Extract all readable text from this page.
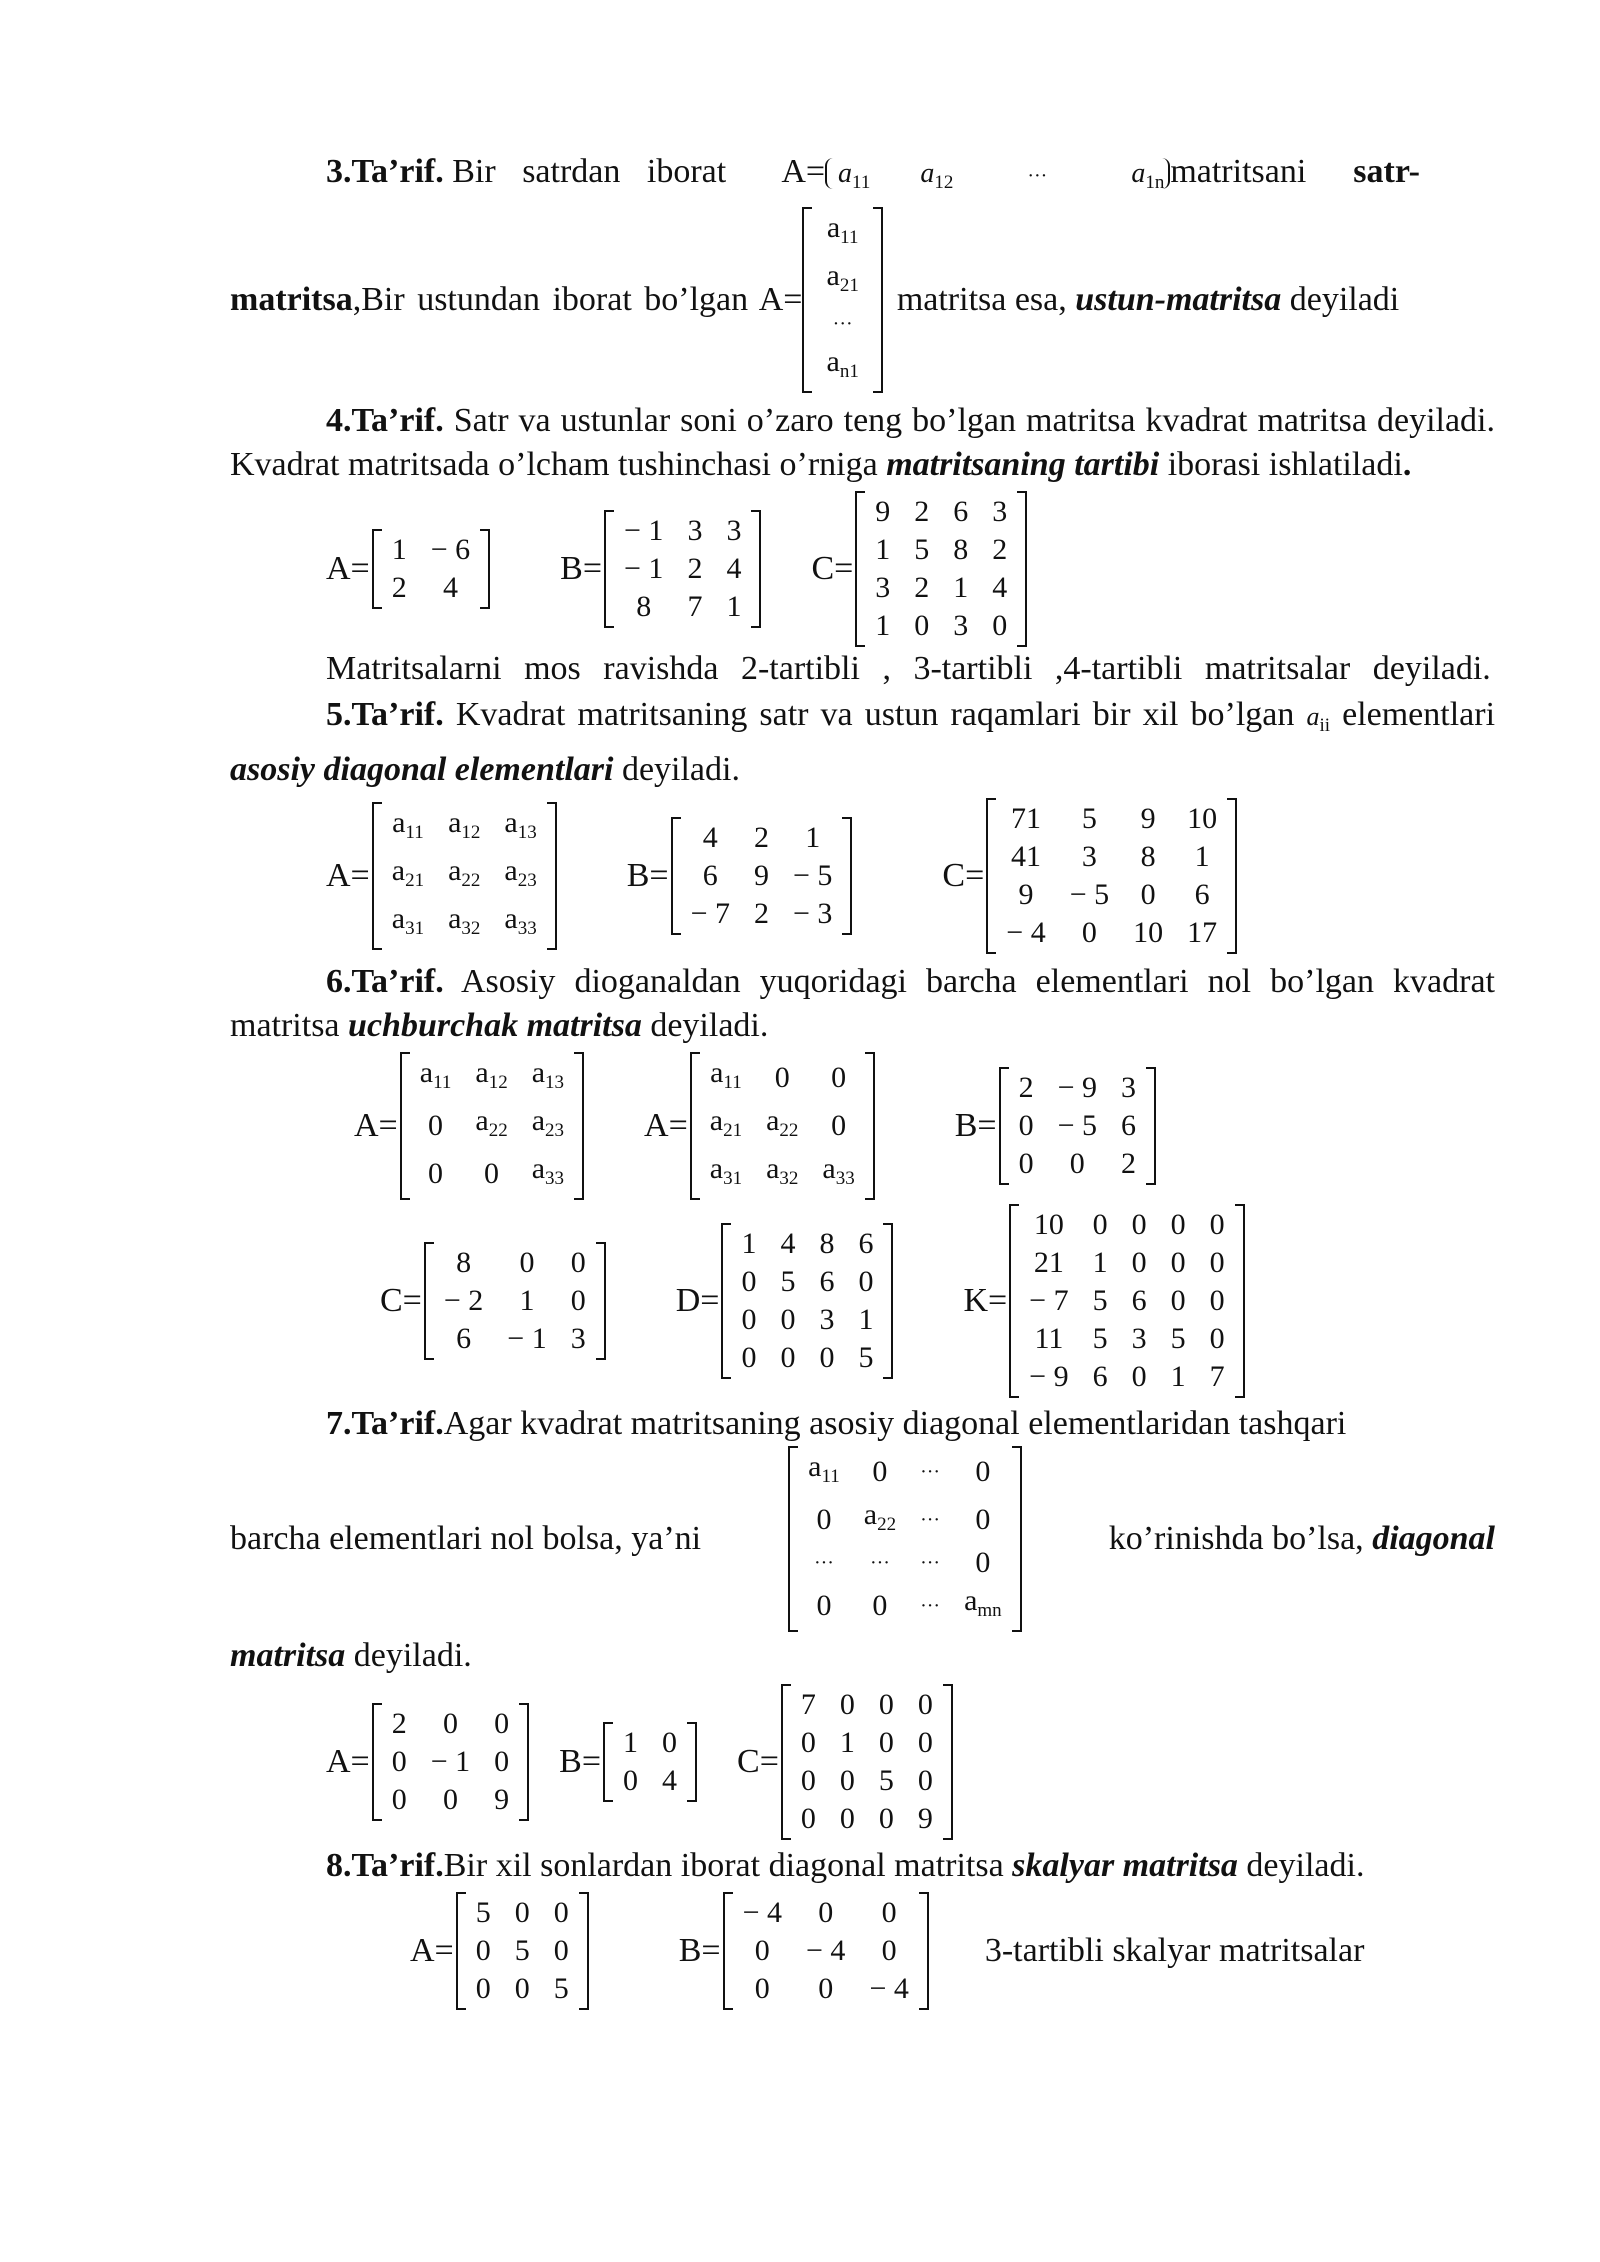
3.Ta’rif. Bir satrdan iborat $A= a_{11}$ $a_{12}$	···	$a_{1n}$ matritsani satr-

matritsa ,Bir ustundan iborat bo’lgan A=
$a_{11}$
$a_{21}$
···
$a_{n1}$
matritsa esa,
ustun-matritsa
deyiladi

4.Ta’rif. Satr va ustunlar soni o’zaro teng bo’lgan matritsa kvadrat matritsa deyiladi. Kvadrat matritsada o’lcham tushinchasi o’rniga matritsaning tartibi iborasi ishlatiladi.

A=
1	− 6
2	4
B=
− 1	3	3
− 1	2	4
8	7	1
C=
9	2	6	3
1	5	8	2
3	2	1	4
1	0	3	0

Matritsalarni mos ravishda 2-tartibli , 3-tartibli ,4-tartibli matritsalar deyiladi.

5.Ta’rif. Kvadrat matritsaning satr va ustun raqamlari bir xil bo’lgan $a_{ii}$ elementlari asosiy diagonal elementlari deyiladi.

A=
$a_{11}$	$a_{12}$	$a_{13}$
$a_{21}$	$a_{22}$	$a_{23}$
$a_{31}$	$a_{32}$	$a_{33}$
B=
4	2	1
6	9	− 5
− 7	2	− 3
C=
71	5	9	10
41	3	8	1
9	− 5	0	6
− 4	0	10	17

6.Ta’rif. Asosiy dioganaldan yuqoridagi barcha elementlari nol bo’lgan kvadrat matritsa uchburchak matritsa deyiladi.

A=
$a_{11}$	$a_{12}$	$a_{13}$
0	$a_{22}$	$a_{23}$
0	0	$a_{33}$
A=
$a_{11}$	0	0
$a_{21}$	$a_{22}$	0
$a_{31}$	$a_{32}$	$a_{33}$
B=
2	− 9	3
0	− 5	6
0	0	2
C=
8	0	0
− 2	1	0
6	− 1	3
D=
1	4	8	6
0	5	6	0
0	0	3	1
0	0	0	5
K=
10	0	0	0	0
21	1	0	0	0
− 7	5	6	0	0
11	5	3	5	0
− 9	6	0	1	7

7.Ta’rif.Agar kvadrat matritsaning asosiy diagonal elementlaridan tashqari

barcha elementlari nol bolsa, ya’ni
$a_{11}$	0	···	0
0	$a_{22}$	···	0
···	···	···	0
0	0	···	$a_{mn}$
ko’rinishda bo’lsa, diagonal

matritsa deyiladi.

A=
2	0	0
0	− 1	0
0	0	9
B=
1	0
0	4
C=
7	0	0	0
0	1	0	0
0	0	5	0
0	0	0	9

8.Ta’rif.Bir xil sonlardan iborat diagonal matritsa skalyar matritsa deyiladi.

A=
5	0	0
0	5	0
0	0	5
B=
− 4	0	0
0	− 4	0
0	0	− 4
3-tartibli skalyar matritsalar
